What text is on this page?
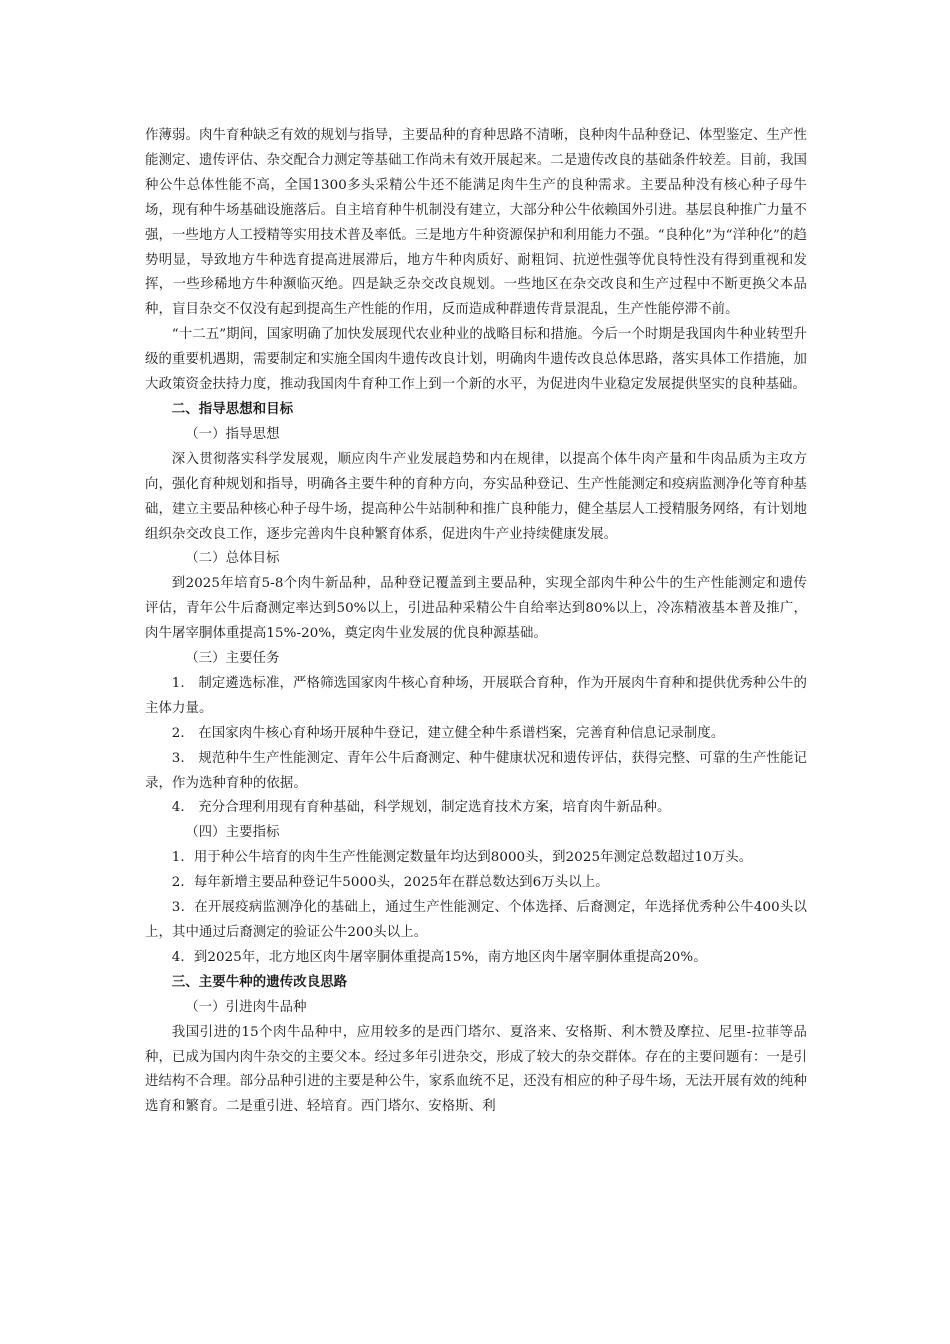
作薄弱。肉牛育种缺乏有效的规划与指导，主要品种的育种思路不清晰，良种肉牛品种登记、体型鉴定、生产性能测定、遗传评估、杂交配合力测定等基础工作尚未有效开展起来。二是遗传改良的基础条件较差。目前，我国种公牛总体性能不高，全国1300多头采精公牛还不能满足肉牛生产的良种需求。主要品种没有核心种子母牛场，现有种牛场基础设施落后。自主培育种牛机制没有建立，大部分种公牛依赖国外引进。基层良种推广力量不强，一些地方人工授精等实用技术普及率低。三是地方牛种资源保护和利用能力不强。“良种化”为“洋种化”的趋势明显，导致地方牛种选育提高进展滞后，地方牛种肉质好、耐粗饲、抗逆性强等优良特性没有得到重视和发挥，一些珍稀地方牛种濒临灭绝。四是缺乏杂交改良规划。一些地区在杂交改良和生产过程中不断更换父本品种，盲目杂交不仅没有起到提高生产性能的作用，反而造成种群遗传背景混乱，生产性能停滞不前。

“十二五”期间，国家明确了加快发展现代农业种业的战略目标和措施。今后一个时期是我国肉牛种业转型升级的重要机遇期，需要制定和实施全国肉牛遗传改良计划，明确肉牛遗传改良总体思路，落实具体工作措施，加大政策资金扶持力度，推动我国肉牛育种工作上到一个新的水平，为促进肉牛业稳定发展提供坚实的良种基础。

二、指导思想和目标

（一）指导思想

深入贯彻落实科学发展观，顺应肉牛产业发展趋势和内在规律，以提高个体牛肉产量和牛肉品质为主攻方向，强化育种规划和指导，明确各主要牛种的育种方向，夯实品种登记、生产性能测定和疫病监测净化等育种基础，建立主要品种核心种子母牛场，提高种公牛站制种和推广良种能力，健全基层人工授精服务网络，有计划地组织杂交改良工作，逐步完善肉牛良种繁育体系，促进肉牛产业持续健康发展。

（二）总体目标

到2025年培育5-8个肉牛新品种，品种登记覆盖到主要品种，实现全部肉牛种公牛的生产性能测定和遗传评估，青年公牛后裔测定率达到50%以上，引进品种采精公牛自给率达到80%以上，冷冻精液基本普及推广，肉牛屠宰胴体重提高15%-20%，奠定肉牛业发展的优良种源基础。

（三）主要任务

1.　制定遴选标准，严格筛选国家肉牛核心育种场，开展联合育种，作为开展肉牛育种和提供优秀种公牛的主体力量。

2.　在国家肉牛核心育种场开展种牛登记，建立健全种牛系谱档案，完善育种信息记录制度。

3.　规范种牛生产性能测定、青年公牛后裔测定、种牛健康状况和遗传评估，获得完整、可靠的生产性能记录，作为选种育种的依据。

4.　充分合理利用现有育种基础，科学规划，制定选育技术方案，培育肉牛新品种。

（四）主要指标

1．用于种公牛培育的肉牛生产性能测定数量年均达到8000头，到2025年测定总数超过10万头。

2．每年新增主要品种登记牛5000头，2025年在群总数达到6万头以上。

3．在开展疫病监测净化的基础上，通过生产性能测定、个体选择、后裔测定，年选择优秀种公牛400头以上，其中通过后裔测定的验证公牛200头以上。

4．到2025年，北方地区肉牛屠宰胴体重提高15%，南方地区肉牛屠宰胴体重提高20%。

三、主要牛种的遗传改良思路

（一）引进肉牛品种

我国引进的15个肉牛品种中，应用较多的是西门塔尔、夏洛来、安格斯、利木赞及摩拉、尼里-拉菲等品种，已成为国内肉牛杂交的主要父本。经过多年引进杂交，形成了较大的杂交群体。存在的主要问题有：一是引进结构不合理。部分品种引进的主要是种公牛，家系血统不足，还没有相应的种子母牛场，无法开展有效的纯种选育和繁育。二是重引进、轻培育。西门塔尔、安格斯、利
